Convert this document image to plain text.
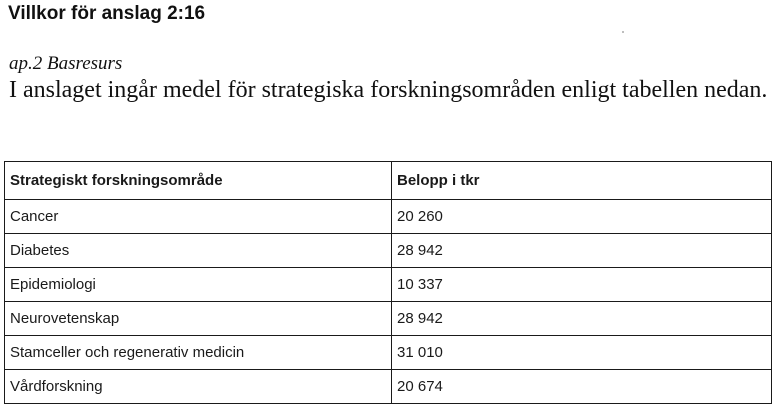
Villkor för anslag 2:16
ap.2 Basresurs

I anslaget ingår medel för strategiska forskningsområden enligt tabellen nedan.

Strategiskt forskningsområde	Belopp i tkr
Cancer	20 260
Diabetes	28 942
Epidemiologi	10 337
Neurovetenskap	28 942
Stamceller och regenerativ medicin	31 010
Vårdforskning	20 674
